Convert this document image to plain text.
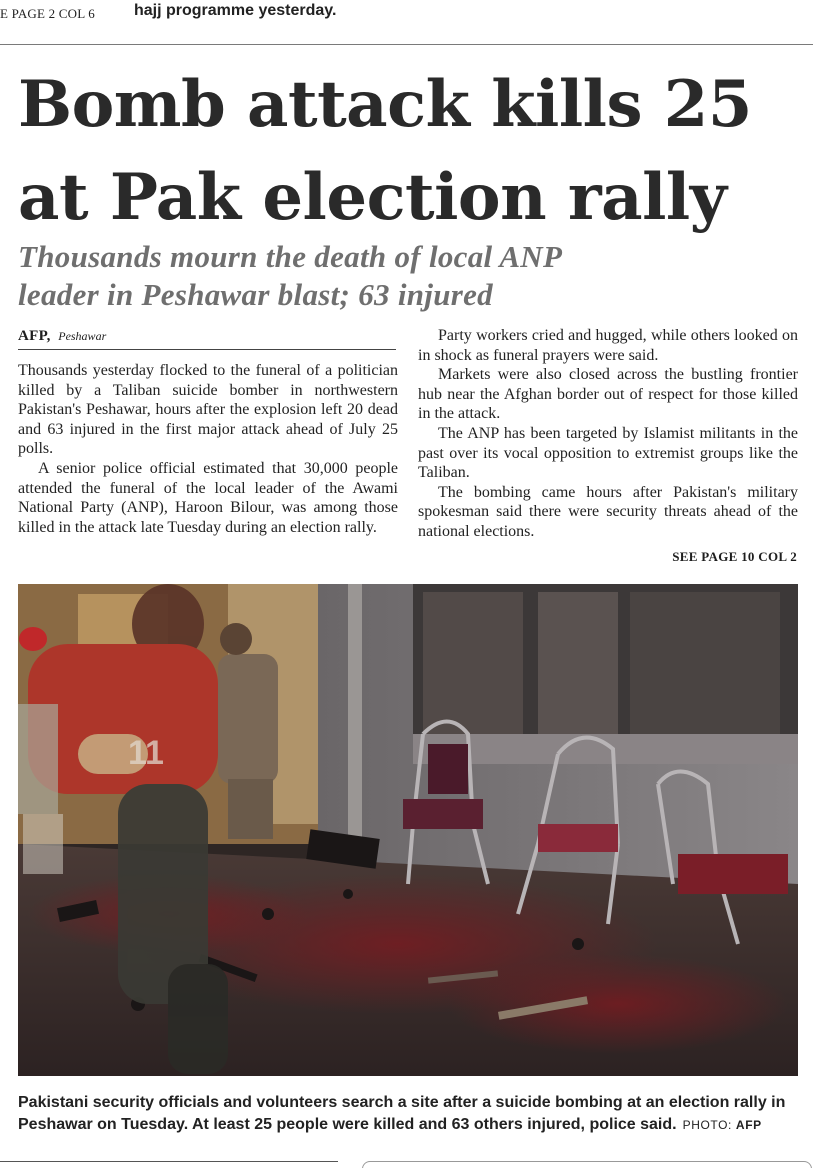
E PAGE 2 COL 6 hajj programme yesterday.
Bomb attack kills 25
at Pak election rally
Thousands mourn the death of local ANP
leader in Peshawar blast; 63 injured
AFP, Peshawar

Thousands yesterday flocked to the funeral of a politician killed by a Taliban suicide bomber in northwestern Pakistan's Peshawar, hours after the explosion left 20 dead and 63 injured in the first major attack ahead of July 25 polls.

A senior police official estimated that 30,000 people attended the funeral of the local leader of the Awami National Party (ANP), Haroon Bilour, was among those killed in the attack late Tuesday during an election rally.

Party workers cried and hugged, while others looked on in shock as funeral prayers were said.

Markets were also closed across the bustling frontier hub near the Afghan border out of respect for those killed in the attack.

The ANP has been targeted by Islamist militants in the past over its vocal opposition to extremist groups like the Taliban.

The bombing came hours after Pakistan's military spokesman said there were security threats ahead of the national elections.

SEE PAGE 10 COL 2
11

Pakistani security officials and volunteers search a site after a suicide bombing at an election rally in Peshawar on Tuesday. At least 25 people were killed and 63 others injured, police said. PHOTO: AFP
